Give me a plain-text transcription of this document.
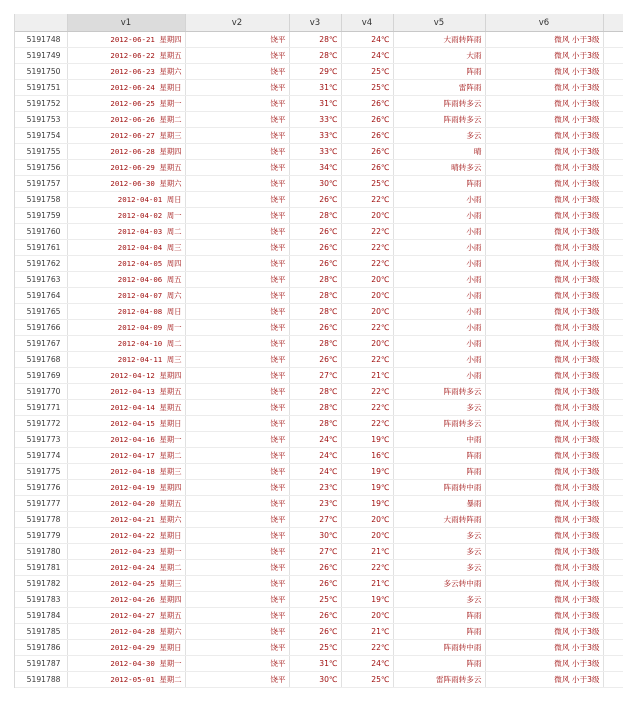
	v1	v2	v3	v4	v5	v6	
5191748	2012-06-21 星期四	饶平	28℃	24℃	大雨转阵雨	微风 小于3级	
5191749	2012-06-22 星期五	饶平	28℃	24℃	大雨	微风 小于3级	
5191750	2012-06-23 星期六	饶平	29℃	25℃	阵雨	微风 小于3级	
5191751	2012-06-24 星期日	饶平	31℃	25℃	雷阵雨	微风 小于3级	
5191752	2012-06-25 星期一	饶平	31℃	26℃	阵雨转多云	微风 小于3级	
5191753	2012-06-26 星期二	饶平	33℃	26℃	阵雨转多云	微风 小于3级	
5191754	2012-06-27 星期三	饶平	33℃	26℃	多云	微风 小于3级	
5191755	2012-06-28 星期四	饶平	33℃	26℃	晴	微风 小于3级	
5191756	2012-06-29 星期五	饶平	34℃	26℃	晴转多云	微风 小于3级	
5191757	2012-06-30 星期六	饶平	30℃	25℃	阵雨	微风 小于3级	
5191758	2012-04-01 周日	饶平	26℃	22℃	小雨	微风 小于3级	
5191759	2012-04-02 周一	饶平	28℃	20℃	小雨	微风 小于3级	
5191760	2012-04-03 周二	饶平	26℃	22℃	小雨	微风 小于3级	
5191761	2012-04-04 周三	饶平	26℃	22℃	小雨	微风 小于3级	
5191762	2012-04-05 周四	饶平	26℃	22℃	小雨	微风 小于3级	
5191763	2012-04-06 周五	饶平	28℃	20℃	小雨	微风 小于3级	
5191764	2012-04-07 周六	饶平	28℃	20℃	小雨	微风 小于3级	
5191765	2012-04-08 周日	饶平	28℃	20℃	小雨	微风 小于3级	
5191766	2012-04-09 周一	饶平	26℃	22℃	小雨	微风 小于3级	
5191767	2012-04-10 周二	饶平	28℃	20℃	小雨	微风 小于3级	
5191768	2012-04-11 周三	饶平	26℃	22℃	小雨	微风 小于3级	
5191769	2012-04-12 星期四	饶平	27℃	21℃	小雨	微风 小于3级	
5191770	2012-04-13 星期五	饶平	28℃	22℃	阵雨转多云	微风 小于3级	
5191771	2012-04-14 星期五	饶平	28℃	22℃	多云	微风 小于3级	
5191772	2012-04-15 星期日	饶平	28℃	22℃	阵雨转多云	微风 小于3级	
5191773	2012-04-16 星期一	饶平	24℃	19℃	中雨	微风 小于3级	
5191774	2012-04-17 星期二	饶平	24℃	16℃	阵雨	微风 小于3级	
5191775	2012-04-18 星期三	饶平	24℃	19℃	阵雨	微风 小于3级	
5191776	2012-04-19 星期四	饶平	23℃	19℃	阵雨转中雨	微风 小于3级	
5191777	2012-04-20 星期五	饶平	23℃	19℃	暴雨	微风 小于3级	
5191778	2012-04-21 星期六	饶平	27℃	20℃	大雨转阵雨	微风 小于3级	
5191779	2012-04-22 星期日	饶平	30℃	20℃	多云	微风 小于3级	
5191780	2012-04-23 星期一	饶平	27℃	21℃	多云	微风 小于3级	
5191781	2012-04-24 星期二	饶平	26℃	22℃	多云	微风 小于3级	
5191782	2012-04-25 星期三	饶平	26℃	21℃	多云转中雨	微风 小于3级	
5191783	2012-04-26 星期四	饶平	25℃	19℃	多云	微风 小于3级	
5191784	2012-04-27 星期五	饶平	26℃	20℃	阵雨	微风 小于3级	
5191785	2012-04-28 星期六	饶平	26℃	21℃	阵雨	微风 小于3级	
5191786	2012-04-29 星期日	饶平	25℃	22℃	阵雨转中雨	微风 小于3级	
5191787	2012-04-30 星期一	饶平	31℃	24℃	阵雨	微风 小于3级	
5191788	2012-05-01 星期二	饶平	30℃	25℃	雷阵雨转多云	微风 小于3级	
